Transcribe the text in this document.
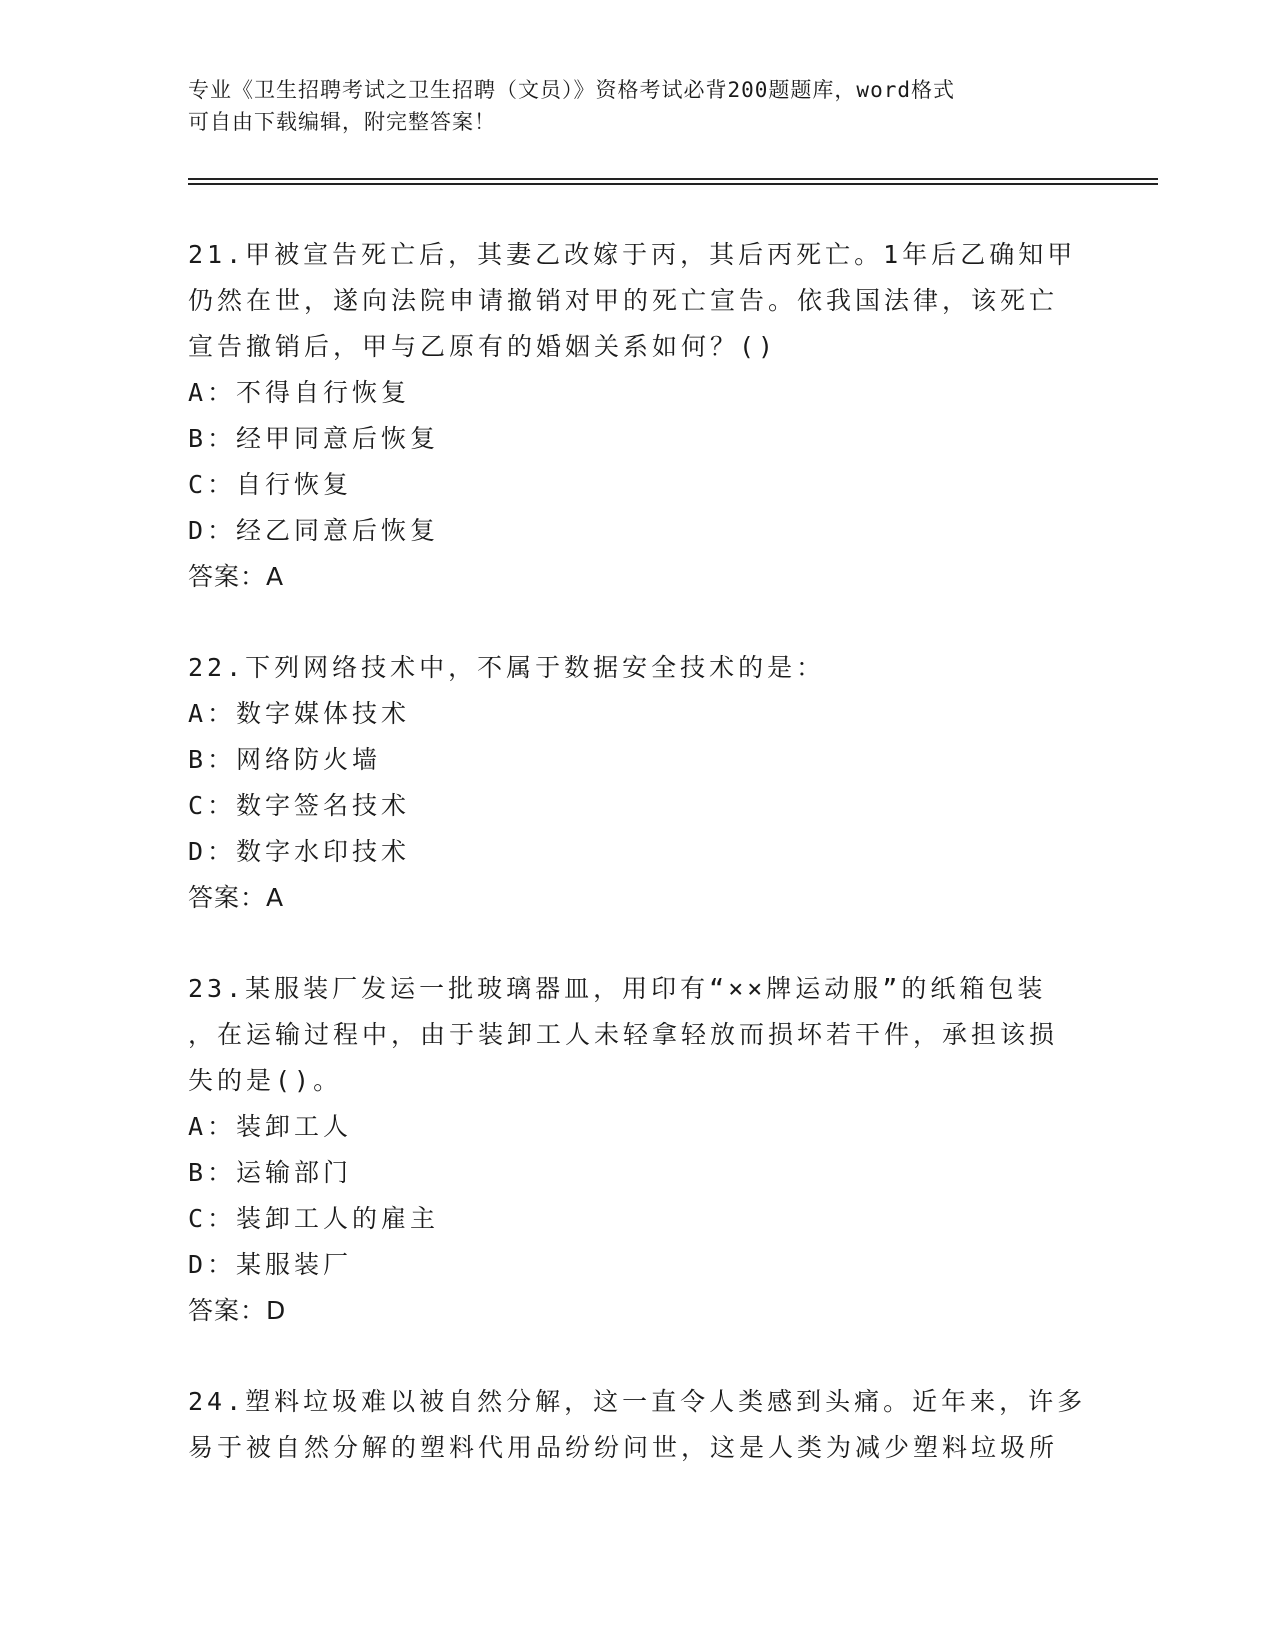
专业《卫生招聘考试之卫生招聘（文员）》资格考试必背200题题库，word格式
可自由下载编辑，附完整答案！
21.甲被宣告死亡后，其妻乙改嫁于丙，其后丙死亡。1年后乙确知甲
仍然在世，遂向法院申请撤销对甲的死亡宣告。依我国法律，该死亡
宣告撤销后，甲与乙原有的婚姻关系如何？()
A：不得自行恢复
B：经甲同意后恢复
C：自行恢复
D：经乙同意后恢复
答案：A
22.下列网络技术中，不属于数据安全技术的是：
A：数字媒体技术
B：网络防火墙
C：数字签名技术
D：数字水印技术
答案：A
23.某服装厂发运一批玻璃器皿，用印有“××牌运动服”的纸箱包装
，在运输过程中，由于装卸工人未轻拿轻放而损坏若干件，承担该损
失的是()。
A：装卸工人
B：运输部门
C：装卸工人的雇主
D：某服装厂
答案：D
24.塑料垃圾难以被自然分解，这一直令人类感到头痛。近年来，许多
易于被自然分解的塑料代用品纷纷问世，这是人类为减少塑料垃圾所
